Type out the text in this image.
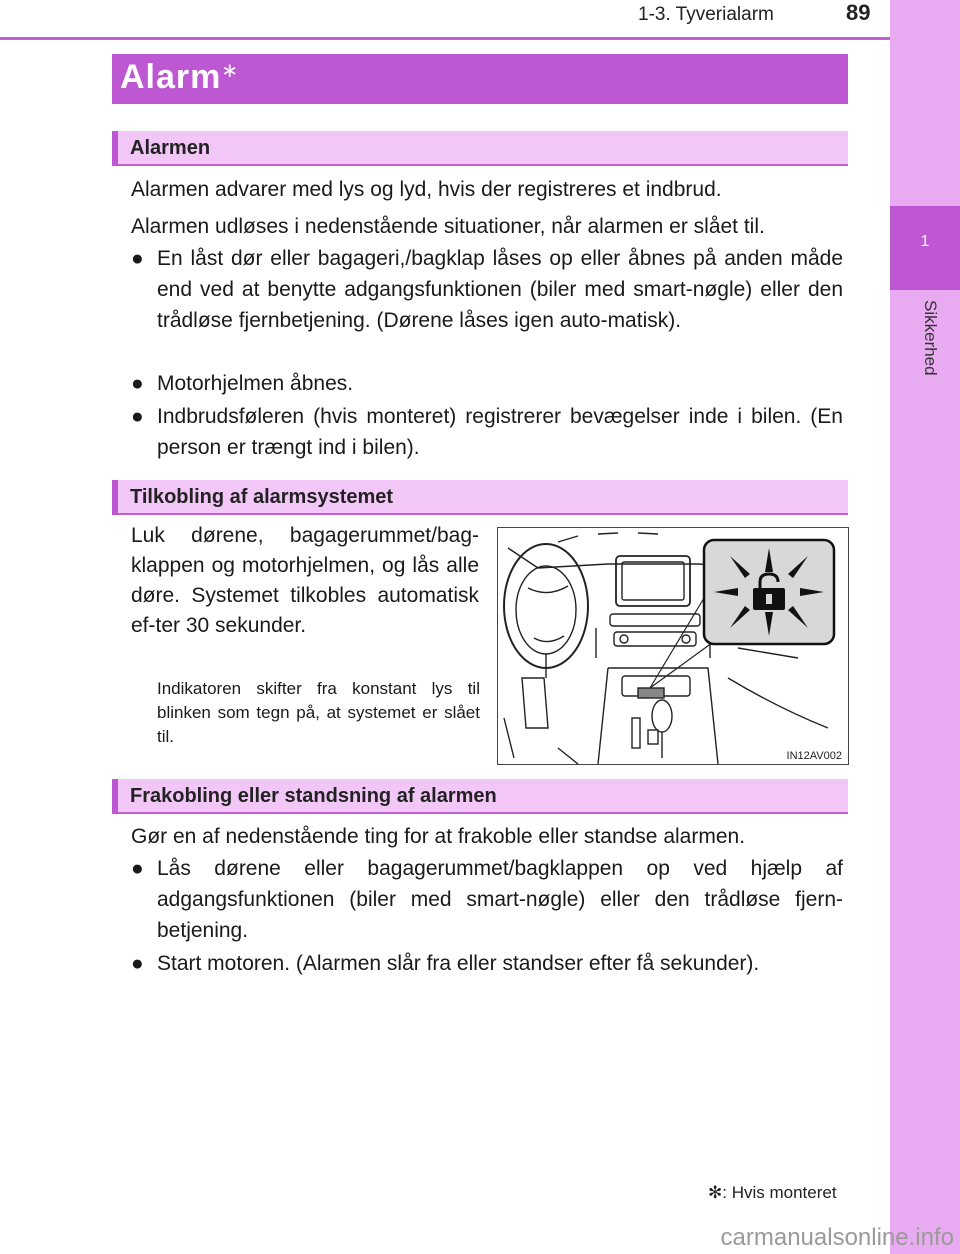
1-3. Tyverialarm	89
1
Sikkerhed
Alarm∗
Alarmen
Alarmen advarer med lys og lyd, hvis der registreres et indbrud.
Alarmen udløses i nedenstående situationer, når alarmen er slået til.
● En låst dør eller bagageri,/bagklap låses op eller åbnes på anden måde end ved at benytte adgangsfunktionen (biler med smart-nøgle) eller den trådløse fjernbetjening. (Dørene låses igen auto-matisk).
● Motorhjelmen åbnes.
● Indbrudsføleren (hvis monteret) registrerer bevægelser inde i bilen. (En person er trængt ind i bilen).
Tilkobling af alarmsystemet
Luk dørene, bagagerummet/bag-klappen og motorhjelmen, og lås alle døre. Systemet tilkobles automatisk ef-ter 30 sekunder.
Indikatoren skifter fra konstant lys til blinken som tegn på, at systemet er slået til.
IN12AV002
Frakobling eller standsning af alarmen
Gør en af nedenstående ting for at frakoble eller standse alarmen.
● Lås dørene eller bagagerummet/bagklappen op ved hjælp af adgangsfunktionen (biler med smart-nøgle) eller den trådløse fjern-betjening.
● Start motoren. (Alarmen slår fra eller standser efter få sekunder).
✻: Hvis monteret
carmanualsonline.info
